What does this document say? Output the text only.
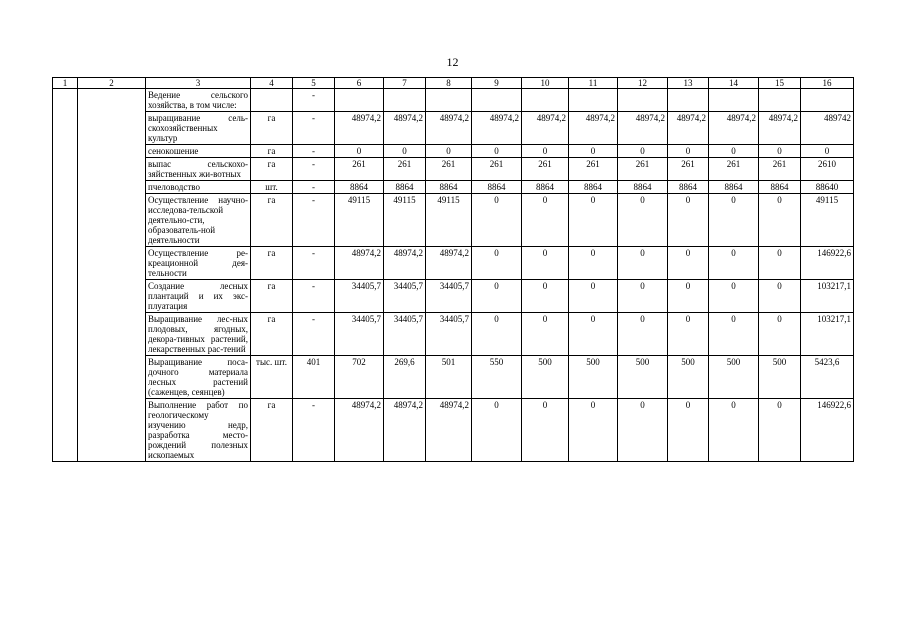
12
1	2	3	4	5	6	7	8	9	10	11	12	13	14	15	16
		Ведение сельского хозяйства, в том числе:		-											
		выращивание сель-скохозяйственных культур	га	-	48974,2	48974,2	48974,2	48974,2	48974,2	48974,2	48974,2	48974,2	48974,2	48974,2	489742
		сенокошение	га	-	0	0	0	0	0	0	0	0	0	0	0
		выпас сельскохо-зяйственных жи-вотных	га	-	261	261	261	261	261	261	261	261	261	261	2610
		пчеловодство	шт.	-	8864	8864	8864	8864	8864	8864	8864	8864	8864	8864	88640
		Осуществление научно-исследова-тельской деятельно-сти, образователь-ной деятельности	га	-	49115	49115	49115	0	0	0	0	0	0	0	49115
		Осуществление ре-креационной дея-тельности	га	-	48974,2	48974,2	48974,2	0	0	0	0	0	0	0	146922,6
		Создание лесных плантаций и их экс-плуатация	га	-	34405,7	34405,7	34405,7	0	0	0	0	0	0	0	103217,1
		Выращивание лес-ных плодовых, ягодных, декора-тивных растений, лекарственных рас-тений	га	-	34405,7	34405,7	34405,7	0	0	0	0	0	0	0	103217,1
		Выращивание поса-дочного материала лесных растений (саженцев, сеянцев)	тыс. шт.	401	702	269,6	501	550	500	500	500	500	500	500	5423,6
		Выполнение работ по геологическому изучению недр, разработка место-рождений полезных ископаемых	га	-	48974,2	48974,2	48974,2	0	0	0	0	0	0	0	146922,6
